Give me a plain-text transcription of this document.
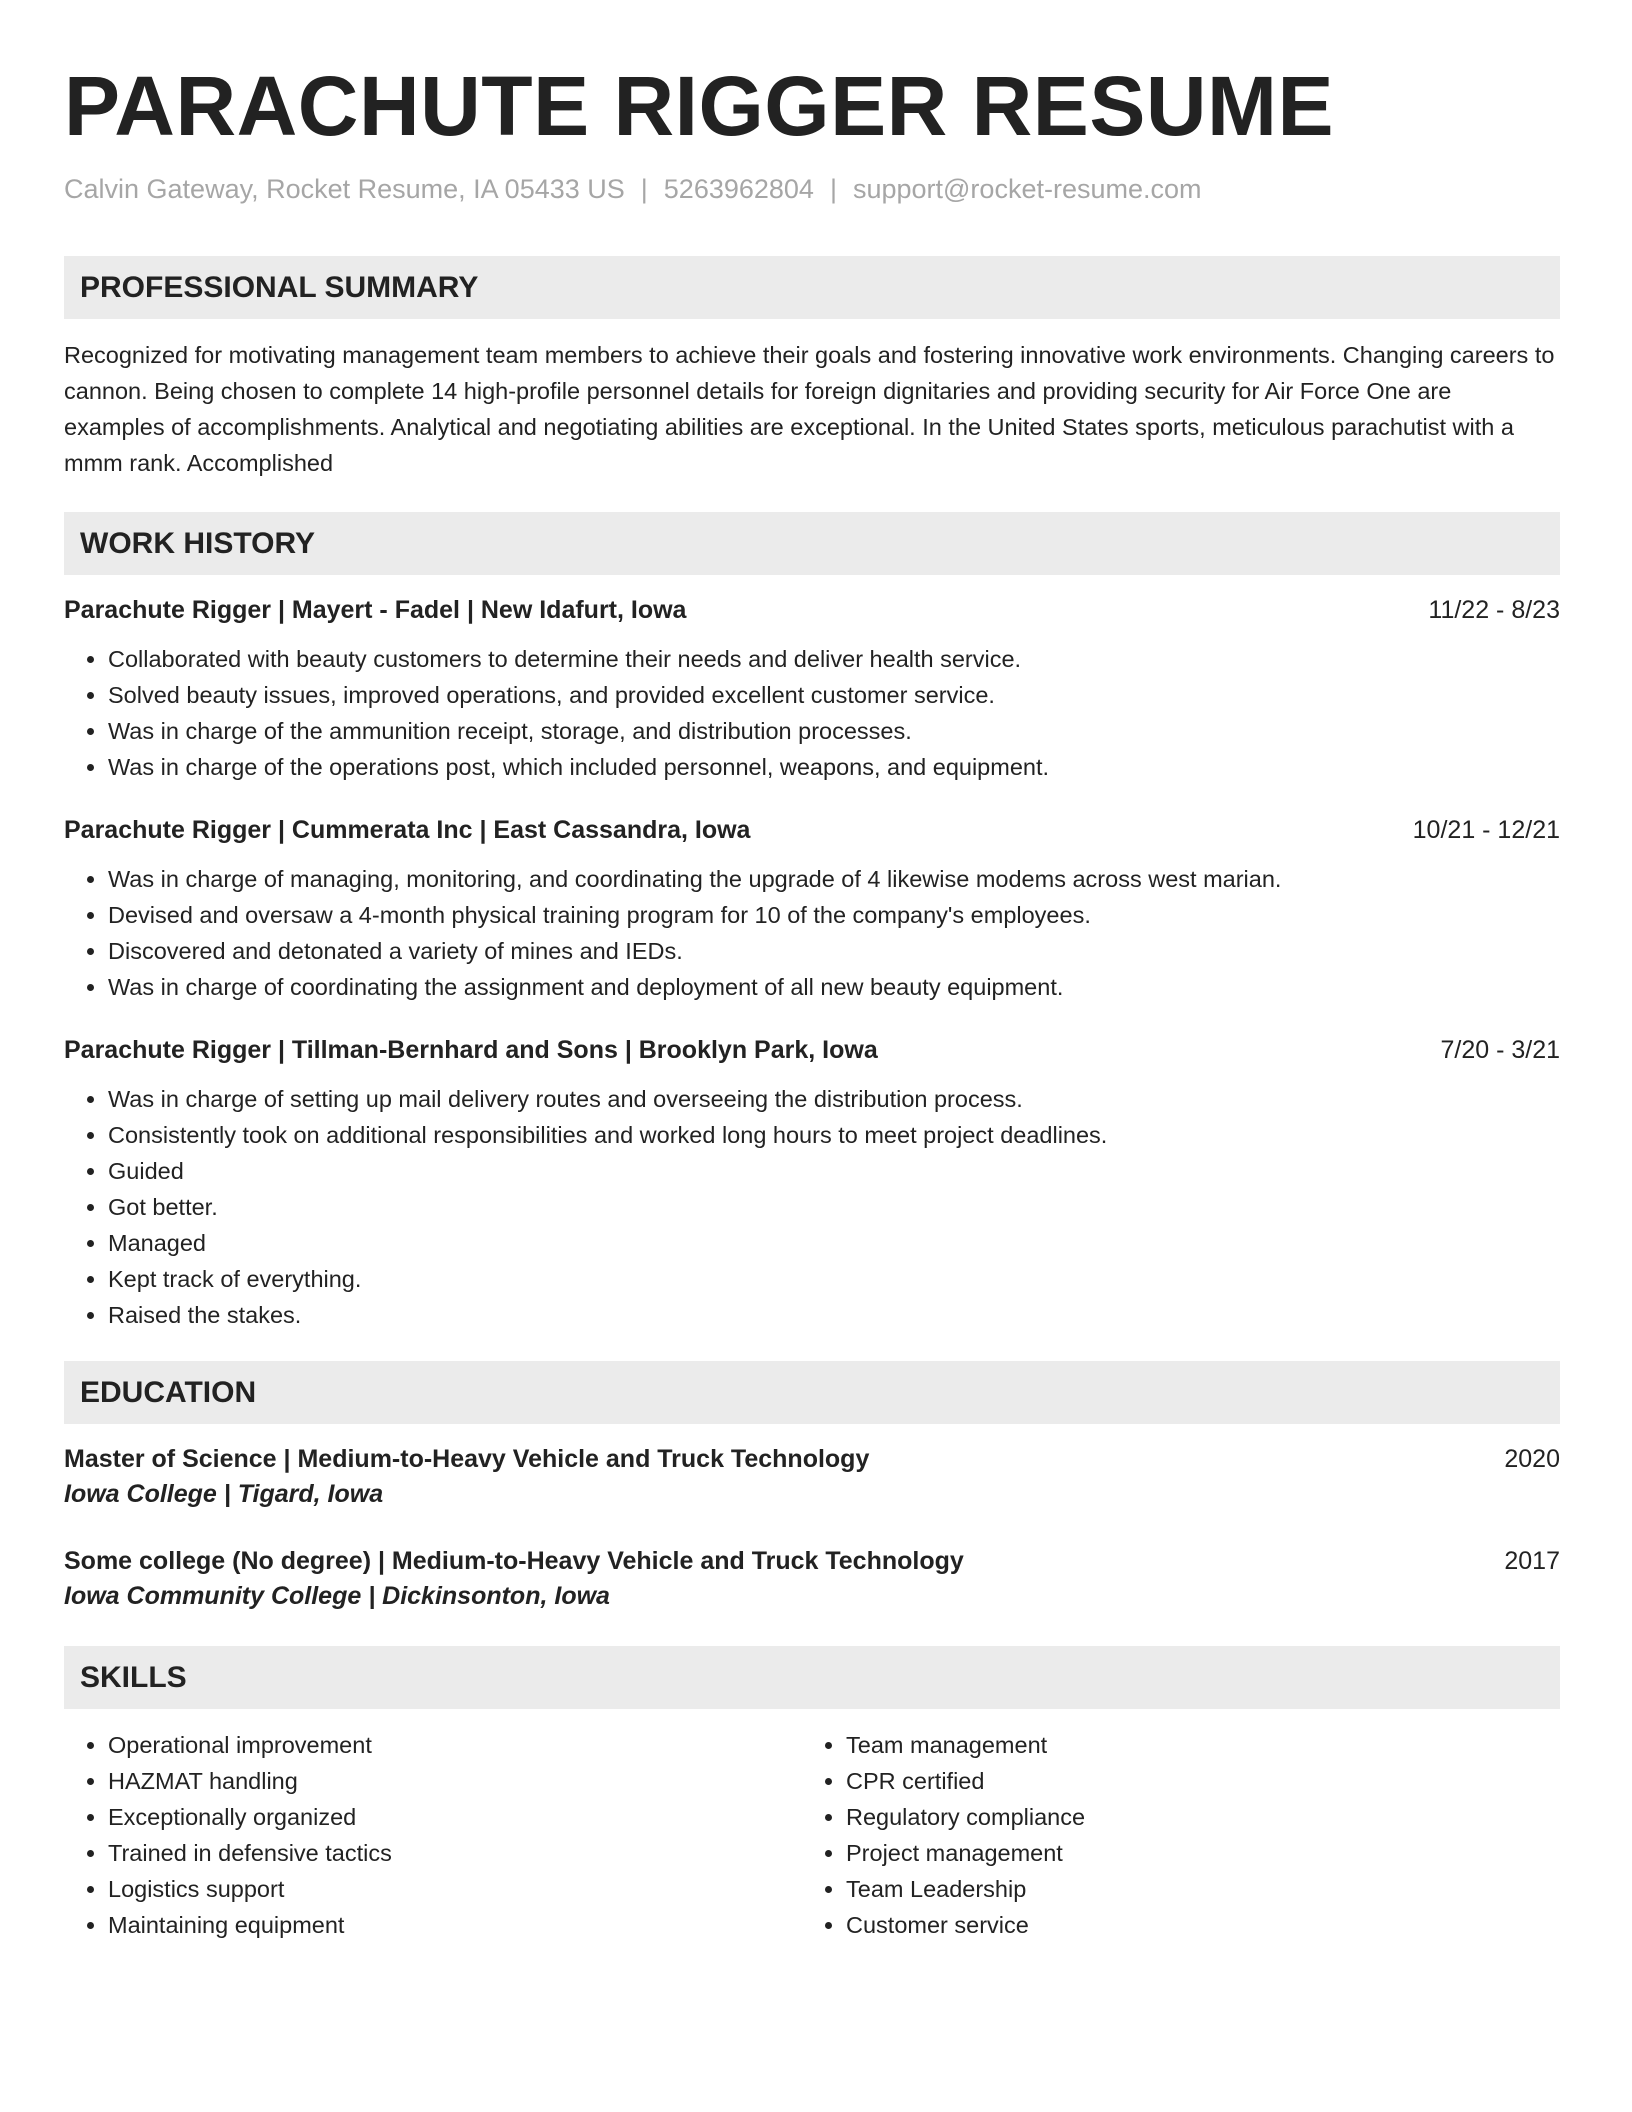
PARACHUTE RIGGER RESUME
Calvin Gateway, Rocket Resume, IA 05433 US | 5263962804 | support@rocket-resume.com
PROFESSIONAL SUMMARY

Recognized for motivating management team members to achieve their goals and fostering innovative work environments. Changing careers to cannon. Being chosen to complete 14 high-profile personnel details for foreign dignitaries and providing security for Air Force One are examples of accomplishments. Analytical and negotiating abilities are exceptional. In the United States sports, meticulous parachutist with a mmm rank. Accomplished

WORK HISTORY
Parachute Rigger | Mayert - Fadel | New Idafurt, Iowa	11/22 - 8/23
• Collaborated with beauty customers to determine their needs and deliver health service.
• Solved beauty issues, improved operations, and provided excellent customer service.
• Was in charge of the ammunition receipt, storage, and distribution processes.
• Was in charge of the operations post, which included personnel, weapons, and equipment.
Parachute Rigger | Cummerata Inc | East Cassandra, Iowa	10/21 - 12/21
• Was in charge of managing, monitoring, and coordinating the upgrade of 4 likewise modems across west marian.
• Devised and oversaw a 4-month physical training program for 10 of the company's employees.
• Discovered and detonated a variety of mines and IEDs.
• Was in charge of coordinating the assignment and deployment of all new beauty equipment.
Parachute Rigger | Tillman-Bernhard and Sons | Brooklyn Park, Iowa	7/20 - 3/21
• Was in charge of setting up mail delivery routes and overseeing the distribution process.
• Consistently took on additional responsibilities and worked long hours to meet project deadlines.
• Guided
• Got better.
• Managed
• Kept track of everything.
• Raised the stakes.
EDUCATION
Master of Science | Medium-to-Heavy Vehicle and Truck Technology	2020
Iowa College | Tigard, Iowa
Some college (No degree) | Medium-to-Heavy Vehicle and Truck Technology	2017
Iowa Community College | Dickinsonton, Iowa
SKILLS
• Operational improvement
• HAZMAT handling
• Exceptionally organized
• Trained in defensive tactics
• Logistics support
• Maintaining equipment
• Team management
• CPR certified
• Regulatory compliance
• Project management
• Team Leadership
• Customer service
